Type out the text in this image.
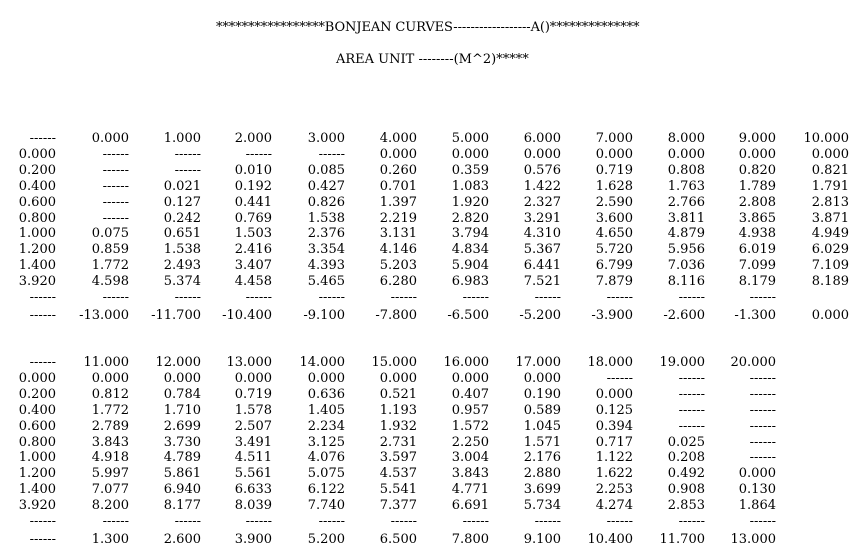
*****************BONJEAN CURVES------------------A()**************
AREA UNIT --------(M^2)*****
------	0.000	1.000	2.000	3.000	4.000	5.000	6.000	7.000	8.000	9.000	10.000
0.000	------	------	------	------	0.000	0.000	0.000	0.000	0.000	0.000	0.000
0.200	------	------	0.010	0.085	0.260	0.359	0.576	0.719	0.808	0.820	0.821
0.400	------	0.021	0.192	0.427	0.701	1.083	1.422	1.628	1.763	1.789	1.791
0.600	------	0.127	0.441	0.826	1.397	1.920	2.327	2.590	2.766	2.808	2.813
0.800	------	0.242	0.769	1.538	2.219	2.820	3.291	3.600	3.811	3.865	3.871
1.000	0.075	0.651	1.503	2.376	3.131	3.794	4.310	4.650	4.879	4.938	4.949
1.200	0.859	1.538	2.416	3.354	4.146	4.834	5.367	5.720	5.956	6.019	6.029
1.400	1.772	2.493	3.407	4.393	5.203	5.904	6.441	6.799	7.036	7.099	7.109
3.920	4.598	5.374	4.458	5.465	6.280	6.983	7.521	7.879	8.116	8.179	8.189
------	------	------	------	------	------	------	------	------	------	------
------	-13.000	-11.700	-10.400	-9.100	-7.800	-6.500	-5.200	-3.900	-2.600	-1.300	0.000
------	11.000	12.000	13.000	14.000	15.000	16.000	17.000	18.000	19.000	20.000
0.000	0.000	0.000	0.000	0.000	0.000	0.000	0.000	------	------	------
0.200	0.812	0.784	0.719	0.636	0.521	0.407	0.190	0.000	------	------
0.400	1.772	1.710	1.578	1.405	1.193	0.957	0.589	0.125	------	------
0.600	2.789	2.699	2.507	2.234	1.932	1.572	1.045	0.394	------	------
0.800	3.843	3.730	3.491	3.125	2.731	2.250	1.571	0.717	0.025	------
1.000	4.918	4.789	4.511	4.076	3.597	3.004	2.176	1.122	0.208	------
1.200	5.997	5.861	5.561	5.075	4.537	3.843	2.880	1.622	0.492	0.000
1.400	7.077	6.940	6.633	6.122	5.541	4.771	3.699	2.253	0.908	0.130
3.920	8.200	8.177	8.039	7.740	7.377	6.691	5.734	4.274	2.853	1.864
------	------	------	------	------	------	------	------	------	------	------
------	1.300	2.600	3.900	5.200	6.500	7.800	9.100	10.400	11.700	13.000
